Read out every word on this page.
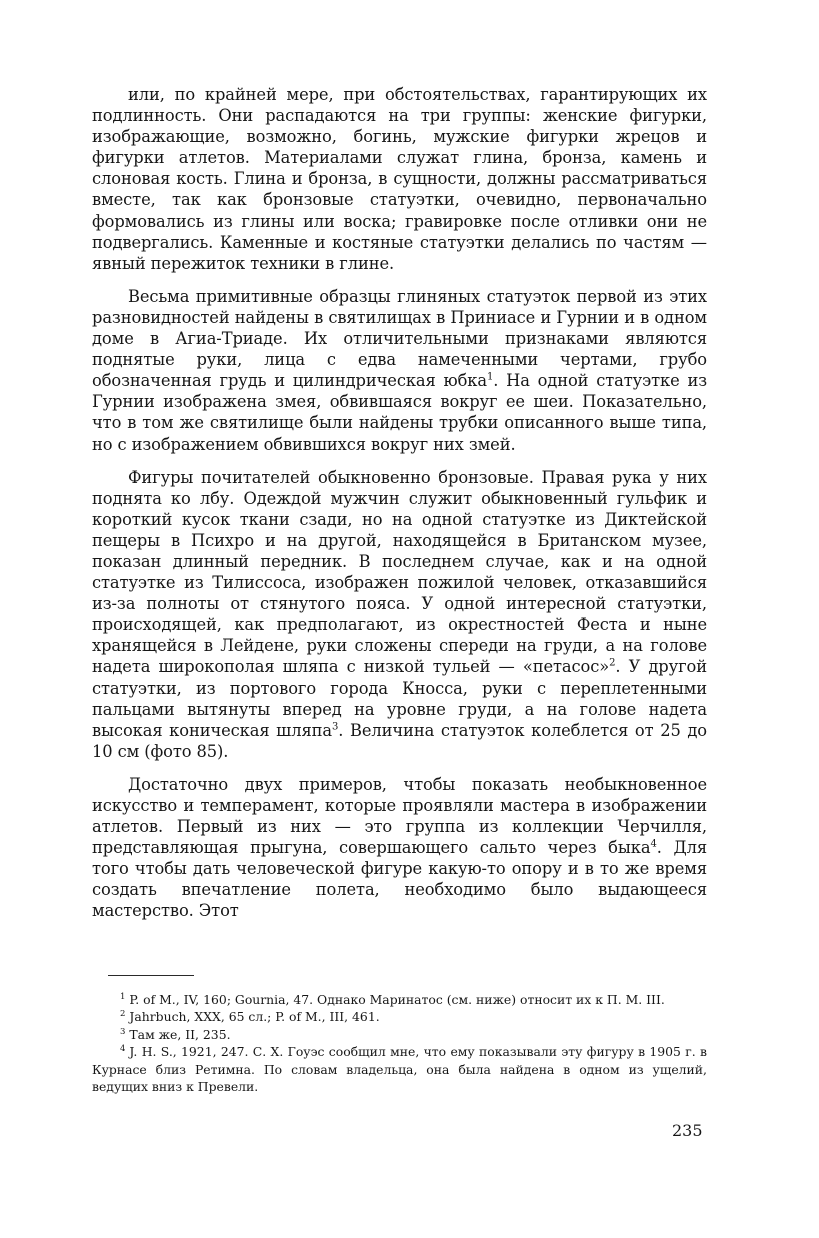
или, по крайней мере, при обстоятельствах, гарантирующих их подлинность. Они распадаются на три группы: женские фигурки, изображающие, возможно, богинь, мужские фигурки жрецов и фигурки атлетов. Материалами служат глина, бронза, камень и слоновая кость. Глина и бронза, в сущности, должны рассматриваться вместе, так как бронзовые статуэтки, очевидно, первоначально формовались из глины или воска; гравировке после отливки они не подвергались. Каменные и костяные статуэтки делались по частям — явный пережиток техники в глине.

Весьма примитивные образцы глиняных статуэток первой из этих разновидностей найдены в святилищах в Приниасе и Гурнии и в одном доме в Агиа-Триаде. Их отличительными признаками являются поднятые руки, лица с едва намеченными чертами, грубо обозначенная грудь и цилиндрическая юбка$^1$. На одной статуэтке из Гурнии изображена змея, обвившаяся вокруг ее шеи. Показательно, что в том же святилище были найдены трубки описанного выше типа, но с изображением обвившихся вокруг них змей.

Фигуры почитателей обыкновенно бронзовые. Правая рука у них поднята ко лбу. Одеждой мужчин служит обыкновенный гульфик и короткий кусок ткани сзади, но на одной статуэтке из Диктейской пещеры в Психро и на другой, находящейся в Британском музее, показан длинный передник. В последнем случае, как и на одной статуэтке из Тилиссоса, изображен пожилой человек, отказавшийся из-за полноты от стянутого пояса. У одной интересной статуэтки, происходящей, как предполагают, из окрестностей Феста и ныне хранящейся в Лейдене, руки сложены спереди на груди, а на голове надета широкополая шляпа с низкой тульей — «петасос»$^2$. У другой статуэтки, из портового города Кносса, руки с переплетенными пальцами вытянуты вперед на уровне груди, а на голове надета высокая коническая шляпа$^3$. Величина статуэток колеблется от 25 до 10 см (фото 85).

Достаточно двух примеров, чтобы показать необыкновенное искусство и темперамент, которые проявляли мастера в изображении атлетов. Первый из них — это группа из коллекции Черчилля, представляющая прыгуна, совершающего сальто через быка$^4$. Для того чтобы дать человеческой фигуре какую-то опору и в то же время создать впечатление полета, необходимо было выдающееся мастерство. Этот

$^1$ P. of M., IV, 160; Gournia, 47. Однако Маринатос (см. ниже) относит их к П. М. III.

$^2$ Jahrbuch, XXX, 65 сл.; P. of M., III, 461.

$^3$ Там же, II, 235.

$^4$ J. H. S., 1921, 247. С. Х. Гоуэс сообщил мне, что ему показывали эту фигуру в 1905 г. в Курнасе близ Ретимна. По словам владельца, она была найдена в одном из ущелий, ведущих вниз к Превели.

235
